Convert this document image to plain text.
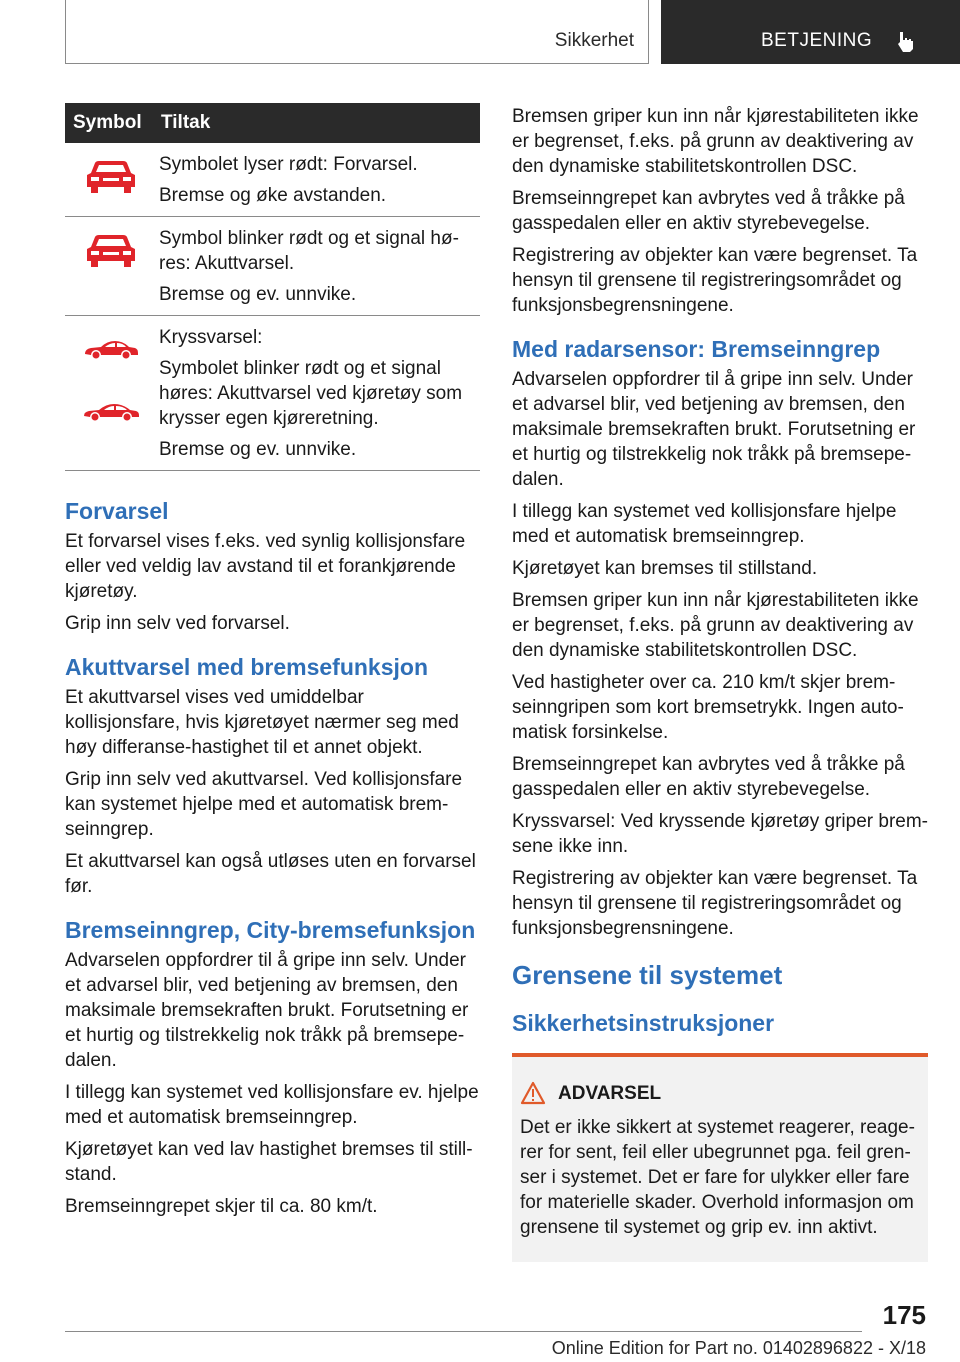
Sikkerhet	BETJENING
Symbol	Tiltak

Symbolet lyser rødt: Forvarsel.

Bremse og øke avstanden.

Symbol blinker rødt og et signal hø-res: Akuttvarsel.

Bremse og ev. unnvike.

Kryssvarsel:

Symbolet blinker rødt og et signal høres: Akuttvarsel ved kjøretøy som krysser egen kjøreretning.

Bremse og ev. unnvike.

Forvarsel

Et forvarsel vises f.eks. ved synlig kollisjonsfare eller ved veldig lav avstand til et forankjørende kjøretøy.

Grip inn selv ved forvarsel.

Akuttvarsel med bremsefunksjon

Et akuttvarsel vises ved umiddelbar kollisjonsfare, hvis kjøretøyet nærmer seg med høy differanse-hastighet til et annet objekt.

Grip inn selv ved akuttvarsel. Ved kollisjonsfare kan systemet hjelpe med et automatisk brem-seinngrep.

Et akuttvarsel kan også utløses uten en forvarsel før.

Bremseinngrep, City-bremsefunksjon

Advarselen oppfordrer til å gripe inn selv. Under et advarsel blir, ved betjening av bremsen, den maksimale bremsekraften brukt. Forutsetning er et hurtig og tilstrekkelig nok tråkk på bremsepe-dalen.

I tillegg kan systemet ved kollisjonsfare ev. hjelpe med et automatisk bremseinngrep.

Kjøretøyet kan ved lav hastighet bremses til still-stand.

Bremseinngrepet skjer til ca. 80 km/t.

Bremsen griper kun inn når kjørestabiliteten ikke er begrenset, f.eks. på grunn av deaktivering av den dynamiske stabilitetskontrollen DSC.

Bremseinngrepet kan avbrytes ved å tråkke på gasspedalen eller en aktiv styrebevegelse.

Registrering av objekter kan være begrenset. Ta hensyn til grensene til registreringsområdet og funksjonsbegrensningene.

Med radarsensor: Bremseinngrep

Advarselen oppfordrer til å gripe inn selv. Under et advarsel blir, ved betjening av bremsen, den maksimale bremsekraften brukt. Forutsetning er et hurtig og tilstrekkelig nok tråkk på bremsepe-dalen.

I tillegg kan systemet ved kollisjonsfare hjelpe med et automatisk bremseinngrep.

Kjøretøyet kan bremses til stillstand.

Bremsen griper kun inn når kjørestabiliteten ikke er begrenset, f.eks. på grunn av deaktivering av den dynamiske stabilitetskontrollen DSC.

Ved hastigheter over ca. 210 km/t skjer brem-seinngripen som kort bremsetrykk. Ingen auto-matisk forsinkelse.

Bremseinngrepet kan avbrytes ved å tråkke på gasspedalen eller en aktiv styrebevegelse.

Kryssvarsel: Ved kryssende kjøretøy griper brem-sene ikke inn.

Registrering av objekter kan være begrenset. Ta hensyn til grensene til registreringsområdet og funksjonsbegrensningene.

Grensene til systemet
Sikkerhetsinstruksjoner
ADVARSEL

Det er ikke sikkert at systemet reagerer, reage-rer for sent, feil eller ubegrunnet pga. feil gren-ser i systemet. Det er fare for ulykker eller fare for materielle skader. Overhold informasjon om grensene til systemet og grip ev. inn aktivt.

175
Online Edition for Part no. 01402896822 - X/18
